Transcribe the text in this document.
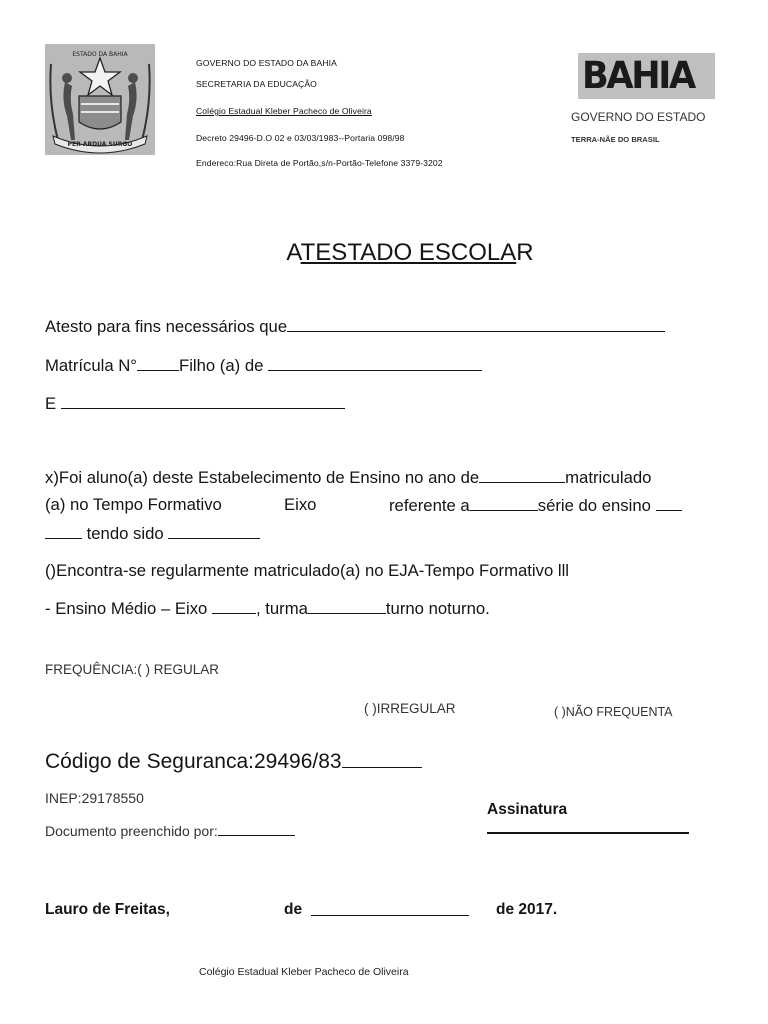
ESTADO DA BAHIA
PER ARDUA SURGO
GOVERNO DO ESTADO DA BAHIA
SECRETARIA DA EDUCAÇÃO
Colégio Estadual Kleber Pacheco de Oliveira
Decreto 29496-D.O 02 e 03/03/1983--Portaria 098/98
Endereco:Rua Direta de Portão,s/n-Portão-Telefone 3379-3202
BAHIA
GOVERNO DO ESTADO
TERRA-NÃE DO BRASIL
ATESTADO ESCOLAR
Atesto para fins necessários que
Matrícula N°	Filho (a) de
E
x)Foi aluno(a) deste Estabelecimento de Ensino no ano de	matriculado
(a) no Tempo Formativo	Eixo	referente a	série do ensino
tendo sido
()Encontra-se regularmente matriculado(a) no EJA-Tempo Formativo lll
- Ensino Médio – Eixo	, turma	turno noturno.
FREQUÊNCIA:( ) REGULAR
( )IRREGULAR	( )NÃO FREQUENTA
Código de Seguranca:29496/83
INEP:29178550
Documento preenchido por:
Assinatura
Lauro de Freitas,	de	de 2017.
Colégio Estadual Kleber Pacheco de Oliveira
